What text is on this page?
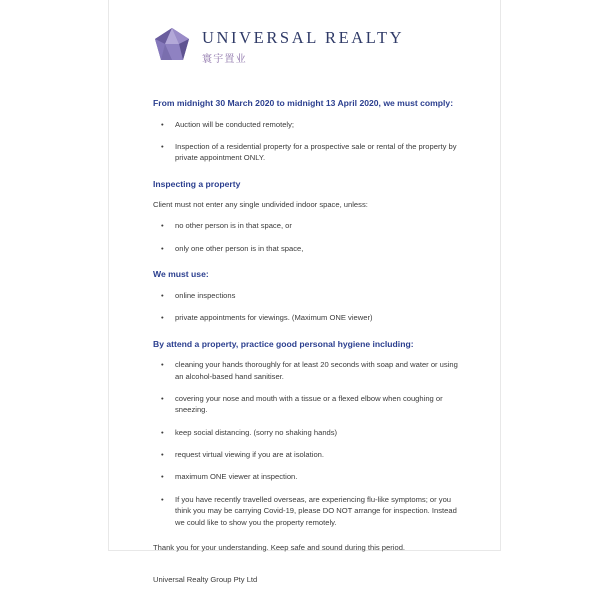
UNIVERSAL REALTY
寰宇置业
From midnight 30 March 2020 to midnight 13 April 2020, we must comply:
•	Auction will be conducted remotely;
•	Inspection of a residential property for a prospective sale or rental of the property by private appointment ONLY.
Inspecting a property

Client must not enter any single undivided indoor space, unless:

•	no other person is in that space, or
•	only one other person is in that space,
We must use:
•	online inspections
•	private appointments for viewings. (Maximum ONE viewer)
By attend a property, practice good personal hygiene including:
•	cleaning your hands thoroughly for at least 20 seconds with soap and water or using an alcohol-based hand sanitiser.
•	covering your nose and mouth with a tissue or a flexed elbow when coughing or sneezing.
•	keep social distancing. (sorry no shaking hands)
•	request virtual viewing if you are at isolation.
•	maximum ONE viewer at inspection.
•	If you have recently travelled overseas, are experiencing flu-like symptoms; or you think you may be carrying Covid-19, please DO NOT arrange for inspection. Instead we could like to show you the property remotely.

Thank you for your understanding. Keep safe and sound during this period.

Universal Realty Group Pty Ltd
